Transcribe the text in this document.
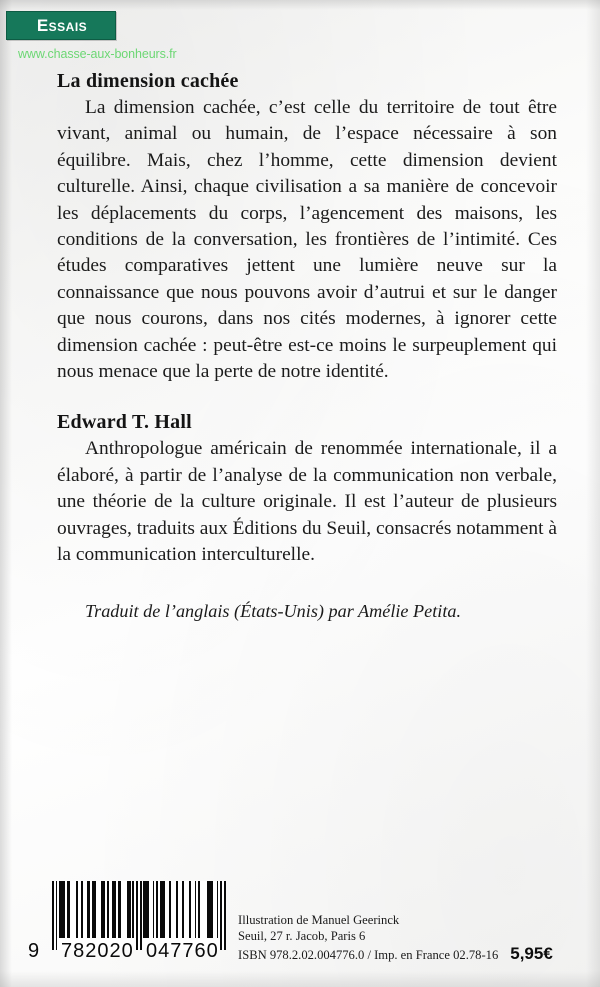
Essais
www.chasse-aux-bonheurs.fr
La dimension cachée

La dimension cachée, c’est celle du territoire de tout être vivant, animal ou humain, de l’espace nécessaire à son équilibre. Mais, chez l’homme, cette dimension devient culturelle. Ainsi, chaque civilisation a sa manière de concevoir les déplacements du corps, l’agencement des maisons, les conditions de la conversation, les frontières de l’intimité. Ces études comparatives jettent une lumière neuve sur la connaissance que nous pouvons avoir d’autrui et sur le danger que nous courons, dans nos cités modernes, à ignorer cette dimension cachée : peut-être est-ce moins le surpeuplement qui nous menace que la perte de notre identité.

Edward T. Hall

Anthropologue américain de renommée internationale, il a élaboré, à partir de l’analyse de la communication non verbale, une théorie de la culture originale. Il est l’auteur de plusieurs ouvrages, traduits aux Éditions du Seuil, consacrés notamment à la communication interculturelle.

Traduit de l’anglais (États-Unis) par Amélie Petita.

9 782020 047760
Illustration de Manuel Geerinck
Seuil, 27 r. Jacob, Paris 6
ISBN 978.2.02.004776.0 / Imp. en France 02.78-16 5,95€
